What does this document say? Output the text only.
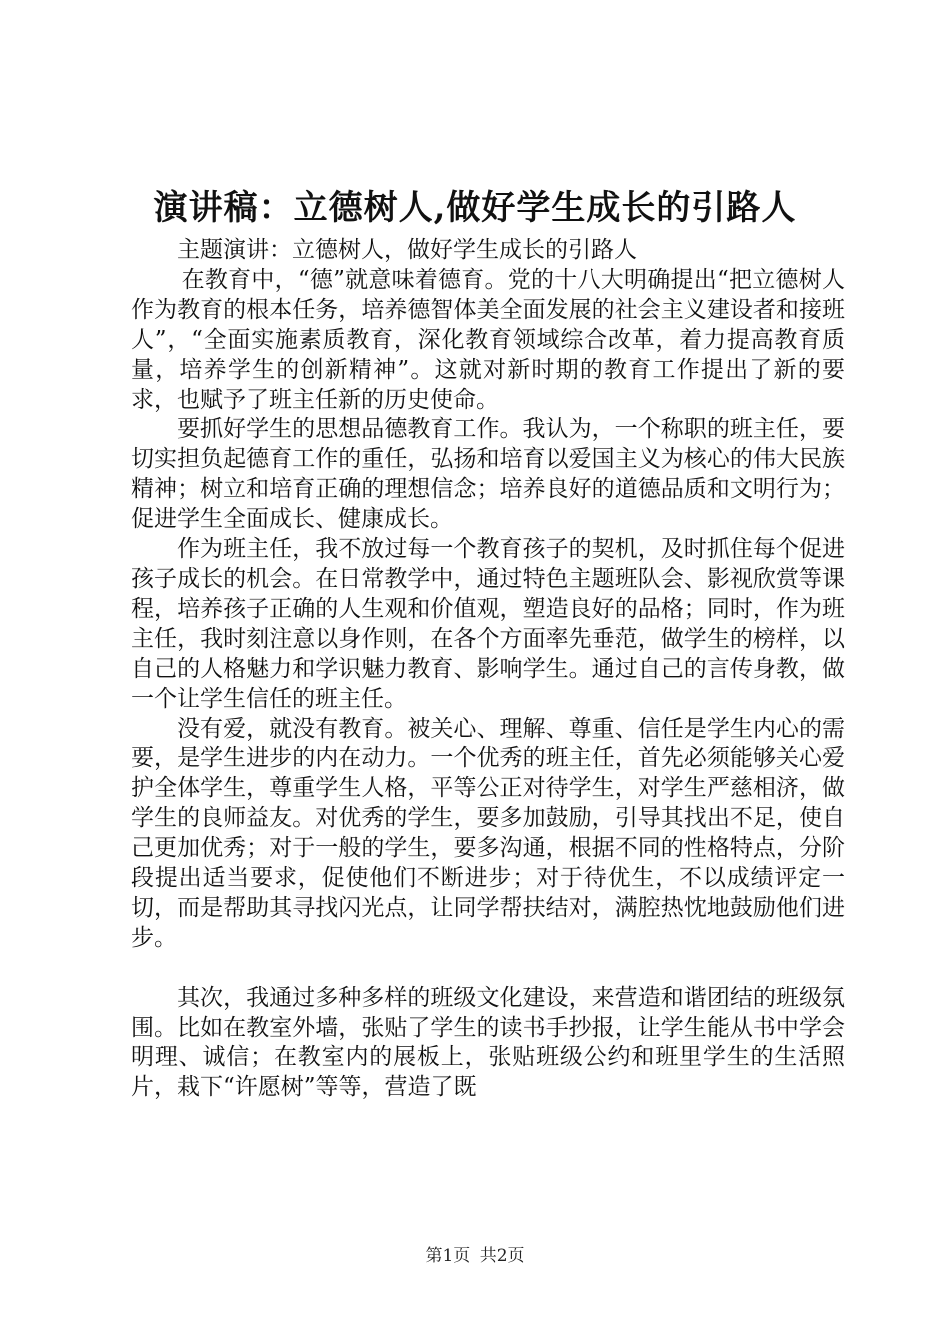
演讲稿：立德树人,做好学生成长的引路人

主题演讲：立德树人，做好学生成长的引路人

在教育中，“德”就意味着德育。党的十八大明确提出“把立德树人作为教育的根本任务，培养德智体美全面发展的社会主义建设者和接班人”，“全面实施素质教育，深化教育领域综合改革，着力提高教育质量，培养学生的创新精神”。这就对新时期的教育工作提出了新的要求，也赋予了班主任新的历史使命。

要抓好学生的思想品德教育工作。我认为，一个称职的班主任，要切实担负起德育工作的重任，弘扬和培育以爱国主义为核心的伟大民族精神；树立和培育正确的理想信念；培养良好的道德品质和文明行为；促进学生全面成长、健康成长。

作为班主任，我不放过每一个教育孩子的契机，及时抓住每个促进孩子成长的机会。在日常教学中，通过特色主题班队会、影视欣赏等课程，培养孩子正确的人生观和价值观，塑造良好的品格；同时，作为班主任，我时刻注意以身作则，在各个方面率先垂范，做学生的榜样，以自己的人格魅力和学识魅力教育、影响学生。通过自己的言传身教，做一个让学生信任的班主任。

没有爱，就没有教育。被关心、理解、尊重、信任是学生内心的需要，是学生进步的内在动力。一个优秀的班主任，首先必须能够关心爱护全体学生，尊重学生人格，平等公正对待学生，对学生严慈相济，做学生的良师益友。对优秀的学生，要多加鼓励，引导其找出不足，使自己更加优秀；对于一般的学生，要多沟通，根据不同的性格特点，分阶段提出适当要求，促使他们不断进步；对于待优生，不以成绩评定一切，而是帮助其寻找闪光点，让同学帮扶结对，满腔热忱地鼓励他们进步。

其次，我通过多种多样的班级文化建设，来营造和谐团结的班级氛围。比如在教室外墙，张贴了学生的读书手抄报，让学生能从书中学会明理、诚信；在教室内的展板上，张贴班级公约和班里学生的生活照片，栽下“许愿树”等等，营造了既

第1页 共2页
